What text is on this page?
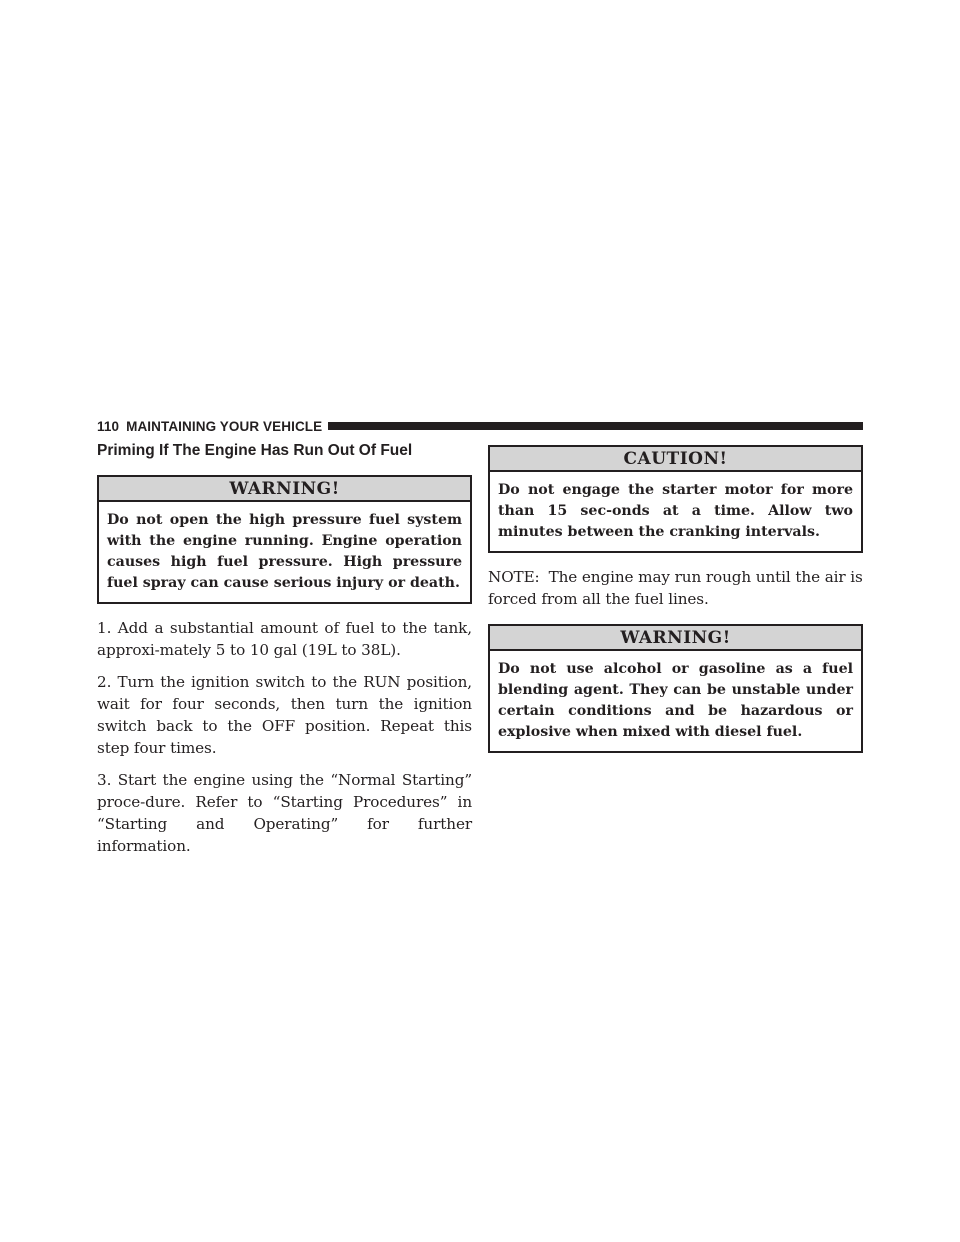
110 MAINTAINING YOUR VEHICLE
Priming If The Engine Has Run Out Of Fuel
WARNING!
Do not open the high pressure fuel system with the engine running. Engine operation causes high fuel pressure. High pressure fuel spray can cause serious injury or death.

1. Add a substantial amount of fuel to the tank, approxi-mately 5 to 10 gal (19L to 38L).

2. Turn the ignition switch to the RUN position, wait for four seconds, then turn the ignition switch back to the OFF position. Repeat this step four times.

3. Start the engine using the “Normal Starting” proce-dure. Refer to “Starting Procedures” in “Starting and Operating” for further information.

CAUTION!
Do not engage the starter motor for more than 15 sec-onds at a time. Allow two minutes between the cranking intervals.

NOTE: The engine may run rough until the air is forced from all the fuel lines.

WARNING!
Do not use alcohol or gasoline as a fuel blending agent. They can be unstable under certain conditions and be hazardous or explosive when mixed with diesel fuel.
